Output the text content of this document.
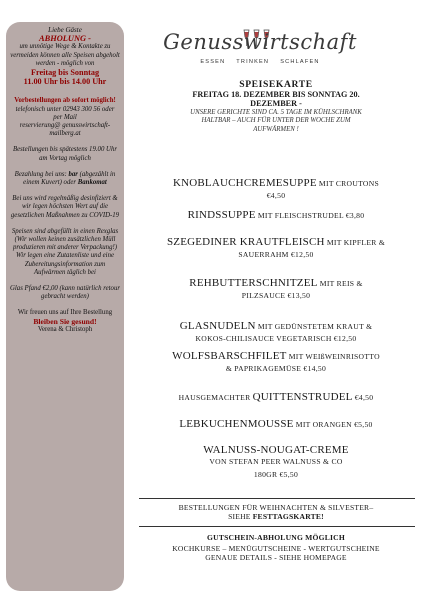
Liebe Gäste

ABHOLUNG -

um unnötige Wege & Kontakte zu vermeiden können alle Speisen abgeholt werden - möglich von

Freitag bis Sonntag

11.00 Uhr bis 14.00 Uhr

Vorbestellungen ab sofort möglich!

telefonisch unter 02943 300 56 oder

per Mail

reservierung@ genusswirtschaft-mailberg.at

Bestellungen bis spätestens 19.00 Uhr am Vortag möglich

Bezahlung bei uns: bar (abgezählt in einem Kuvert) oder Bankomat

Bei uns wird regelmäßig desinfiziert & wir legen höchsten Wert auf die gesetzlichen Maßnahmen zu COVID-19

Speisen sind abgefüllt in einen Rexglas (Wir wollen keinen zusätzlichen Müll produzieren mit anderer Verpackung!) Wir legen eine Zutatenliste und eine Zubereitungsinformation zum Aufwärmen täglich bei

Glas Pfand €2,00 (kann natürlich retour gebracht werden)

Wir freuen uns auf Ihre Bestellung

Bleiben Sie gesund!

Verena & Christoph

Genusswirtschaft
ESSEN    TRINKEN    SCHLAFEN
SPEISEKARTE
FREITAG 18. DEZEMBER BIS SONNTAG 20.
DEZEMBER -
UNSERE GERICHTE SIND CA. 5 TAGE IM KÜHLSCHRANK
HALTBAR – AUCH FÜR UNTER DER WOCHE ZUM
AUFWÄRMEN !
KNOBLAUCHCREMESUPPE MIT CROUTONS
€4,50
RINDSSUPPE MIT FLEISCHSTRUDEL €3,80
SZEGEDINER KRAUTFLEISCH MIT KIPFLER &
SAUERRAHM €12,50
REHBUTTERSCHNITZEL MIT REIS &
PILZSAUCE €13,50
GLASNUDELN MIT GEDÜNSTETEM KRAUT &
KOKOS-CHILISAUCE VEGETARISCH €12,50
WOLFSBARSCHFILET MIT WEIßWEINRISOTTO
& PAPRIKAGEMÜSE €14,50
HAUSGEMACHTER QUITTENSTRUDEL €4,50
LEBKUCHENMOUSSE MIT ORANGEN €5,50
WALNUSS-NOUGAT-CREME
VON STEFAN PEER WALNUSS & CO
180GR €5,50
BESTELLUNGEN FÜR WEIHNACHTEN & SILVESTER–
SIEHE FESTTAGSKARTE!
GUTSCHEIN-ABHOLUNG MÖGLICH
KOCHKURSE – MENÜGUTSCHEINE - WERTGUTSCHEINE
GENAUE DETAILS - SIEHE HOMEPAGE
